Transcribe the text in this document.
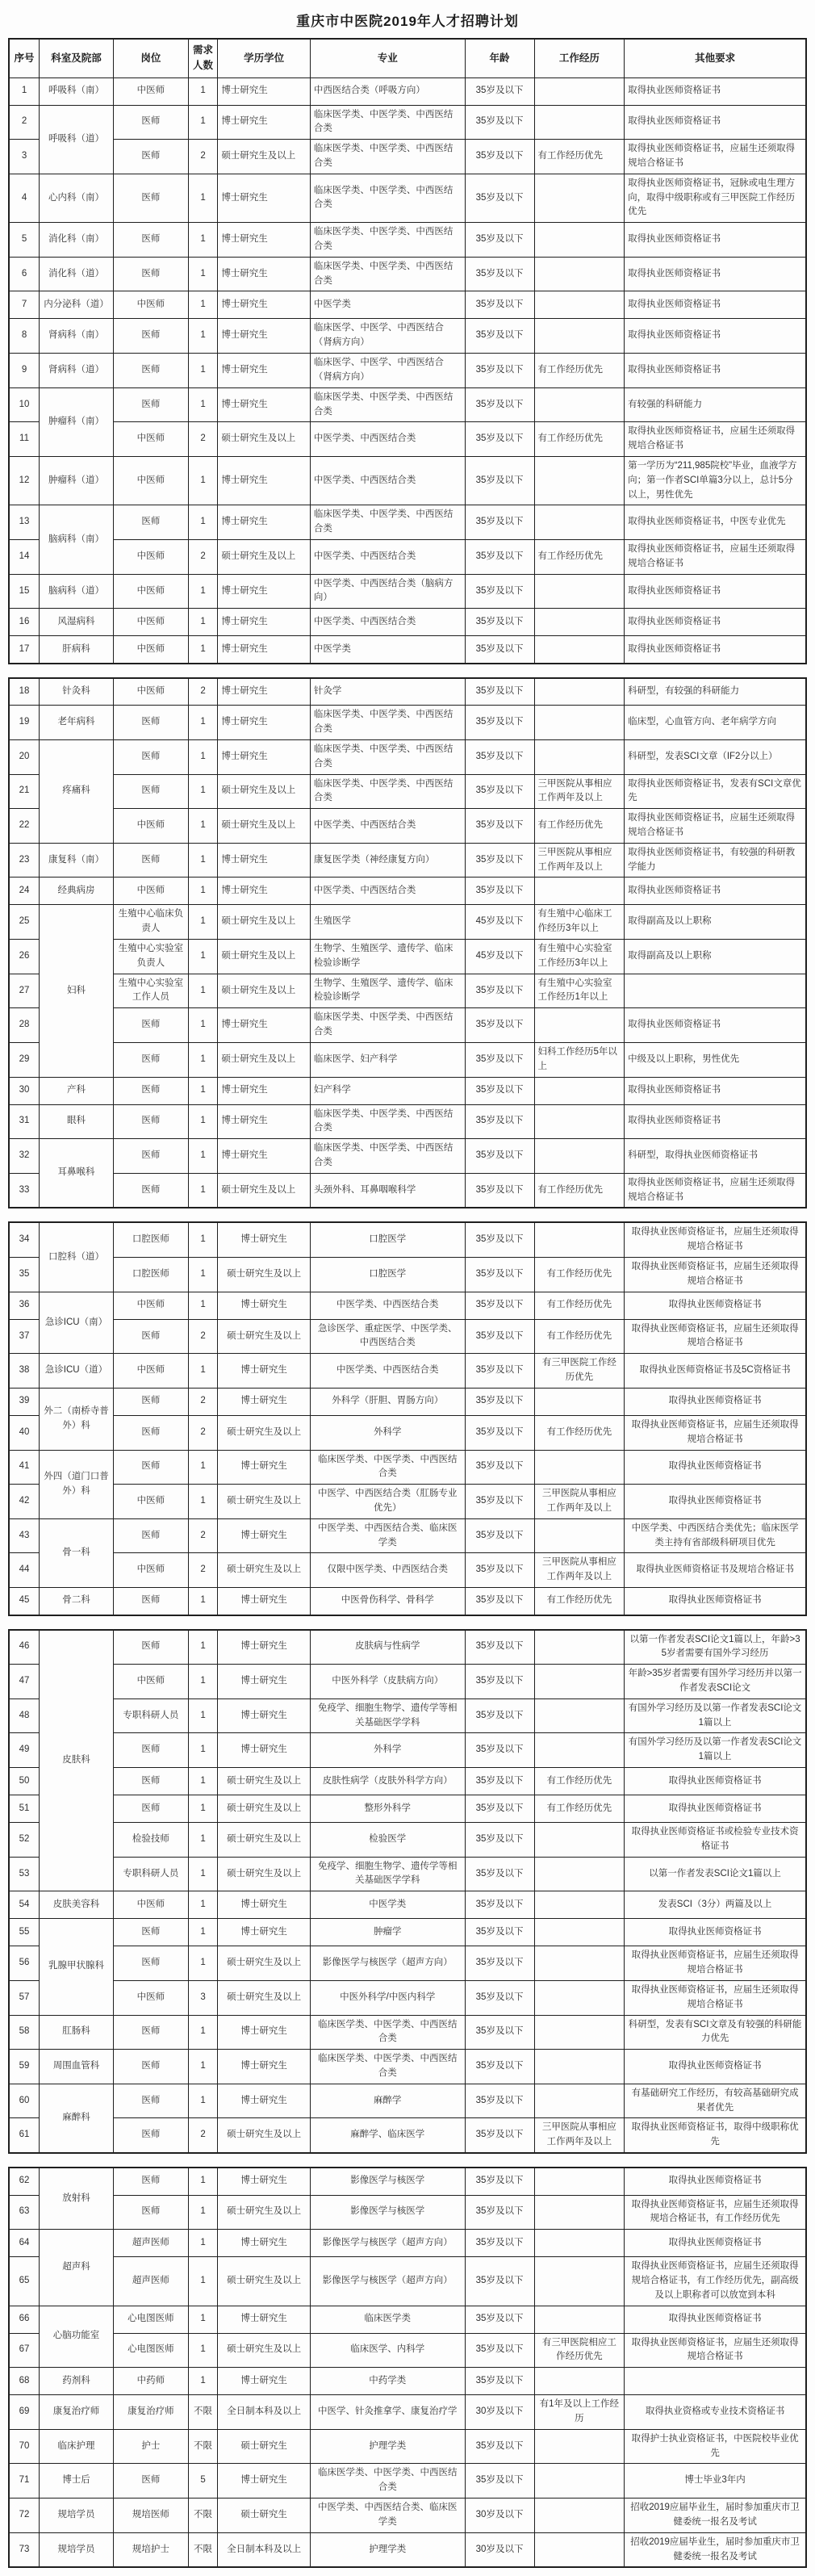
重庆市中医院2019年人才招聘计划
序号	科室及院部	岗位	需求人数	学历学位	专业	年龄	工作经历	其他要求
1	呼吸科（南）	中医师	1	博士研究生	中西医结合类（呼吸方向）	35岁及以下		取得执业医师资格证书
2	呼吸科（道）	医师	1	博士研究生	临床医学类、中医学类、中西医结合类	35岁及以下		取得执业医师资格证书
3		医师	2	硕士研究生及以上	临床医学类、中医学类、中西医结合类	35岁及以下	有工作经历优先	取得执业医师资格证书，应届生还须取得规培合格证书
4	心内科（南）	医师	1	博士研究生	临床医学类、中医学类、中西医结合类	35岁及以下		取得执业医师资格证书，冠脉或电生理方向，取得中级职称或有三甲医院工作经历优先
5	消化科（南）	医师	1	博士研究生	临床医学类、中医学类、中西医结合类	35岁及以下		取得执业医师资格证书
6	消化科（道）	医师	1	博士研究生	临床医学类、中医学类、中西医结合类	35岁及以下		取得执业医师资格证书
7	内分泌科（道）	中医师	1	博士研究生	中医学类	35岁及以下		取得执业医师资格证书
8	肾病科（南）	医师	1	博士研究生	临床医学、中医学、中西医结合（肾病方向）	35岁及以下		取得执业医师资格证书
9	肾病科（道）	医师	1	博士研究生	临床医学、中医学、中西医结合（肾病方向）	35岁及以下	有工作经历优先	取得执业医师资格证书
10	肿瘤科（南）	医师	1	博士研究生	临床医学类、中医学类、中西医结合类	35岁及以下		有较强的科研能力
11		中医师	2	硕士研究生及以上	中医学类、中西医结合类	35岁及以下	有工作经历优先	取得执业医师资格证书，应届生还须取得规培合格证书
12	肿瘤科（道）	中医师	1	博士研究生	中医学类、中西医结合类	35岁及以下		第一学历为“211,985院校”毕业，血液学方向；第一作者SCI单篇3分以上，总计5分以上，男性优先
13	脑病科（南）	医师	1	博士研究生	临床医学类、中医学类、中西医结合类	35岁及以下		取得执业医师资格证书，中医专业优先
14		中医师	2	硕士研究生及以上	中医学类、中西医结合类	35岁及以下	有工作经历优先	取得执业医师资格证书，应届生还须取得规培合格证书
15	脑病科（道）	中医师	1	博士研究生	中医学类、中西医结合类（脑病方向）	35岁及以下		取得执业医师资格证书
16	风湿病科	中医师	1	博士研究生	中医学类、中西医结合类	35岁及以下		取得执业医师资格证书
17	肝病科	中医师	1	博士研究生	中医学类	35岁及以下		取得执业医师资格证书
18	针灸科	中医师	2	博士研究生	针灸学	35岁及以下		科研型，有较强的科研能力
19	老年病科	医师	1	博士研究生	临床医学类、中医学类、中西医结合类	35岁及以下		临床型，心血管方向、老年病学方向
20	疼痛科	医师	1	博士研究生	临床医学类、中医学类、中西医结合类	35岁及以下		科研型，发表SCI文章（IF2分以上）
21		医师	1	硕士研究生及以上	临床医学类、中医学类、中西医结合类	35岁及以下	三甲医院从事相应工作两年及以上	取得执业医师资格证书，发表有SCI文章优先
22		中医师	1	硕士研究生及以上	中医学类、中西医结合类	35岁及以下	有工作经历优先	取得执业医师资格证书，应届生还须取得规培合格证书
23	康复科（南）	医师	1	博士研究生	康复医学类（神经康复方向）	35岁及以下	三甲医院从事相应工作两年及以上	取得执业医师资格证书，有较强的科研教学能力
24	经典病房	中医师	1	博士研究生	中医学类、中西医结合类	35岁及以下		取得执业医师资格证书
25	妇科	生殖中心临床负责人	1	硕士研究生及以上	生殖医学	45岁及以下	有生殖中心临床工作经历3年以上	取得副高及以上职称
26		生殖中心实验室负责人	1	硕士研究生及以上	生物学、生殖医学、遗传学、临床检验诊断学	45岁及以下	有生殖中心实验室工作经历3年以上	取得副高及以上职称
27		生殖中心实验室工作人员	1	硕士研究生及以上	生物学、生殖医学、遗传学、临床检验诊断学	35岁及以下	有生殖中心实验室工作经历1年以上	
28		医师	1	博士研究生	临床医学类、中医学类、中西医结合类	35岁及以下		取得执业医师资格证书
29		医师	1	硕士研究生及以上	临床医学、妇产科学	35岁及以下	妇科工作经历5年以上	中级及以上职称，男性优先
30	产科	医师	1	博士研究生	妇产科学	35岁及以下		取得执业医师资格证书
31	眼科	医师	1	博士研究生	临床医学类、中医学类、中西医结合类	35岁及以下		取得执业医师资格证书
32	耳鼻喉科	医师	1	博士研究生	临床医学类、中医学类、中西医结合类	35岁及以下		科研型，取得执业医师资格证书
33		医师	1	硕士研究生及以上	头颈外科、耳鼻咽喉科学	35岁及以下	有工作经历优先	取得执业医师资格证书，应届生还须取得规培合格证书
34	口腔科（道）	口腔医师	1	博士研究生	口腔医学	35岁及以下		取得执业医师资格证书，应届生还须取得规培合格证书
35		口腔医师	1	硕士研究生及以上	口腔医学	35岁及以下	有工作经历优先	取得执业医师资格证书，应届生还须取得规培合格证书
36	急诊ICU（南）	中医师	1	博士研究生	中医学类、中西医结合类	35岁及以下	有工作经历优先	取得执业医师资格证书
37		医师	2	硕士研究生及以上	急诊医学、重症医学、中医学类、中西医结合类	35岁及以下	有工作经历优先	取得执业医师资格证书，应届生还须取得规培合格证书
38	急诊ICU（道）	中医师	1	博士研究生	中医学类、中西医结合类	35岁及以下	有三甲医院工作经历优先	取得执业医师资格证书及5C资格证书
39	外二（南桥寺普外）科	医师	2	博士研究生	外科学（肝胆、胃肠方向）	35岁及以下		取得执业医师资格证书
40		医师	2	硕士研究生及以上	外科学	35岁及以下	有工作经历优先	取得执业医师资格证书，应届生还须取得规培合格证书
41	外四（道门口普外）科	医师	1	博士研究生	临床医学类、中医学类、中西医结合类	35岁及以下		取得执业医师资格证书
42		中医师	1	硕士研究生及以上	中医学、中西医结合类（肛肠专业优先）	35岁及以下	三甲医院从事相应工作两年及以上	取得执业医师资格证书
43	骨一科	医师	2	博士研究生	中医学类、中西医结合类、临床医学类	35岁及以下		中医学类、中西医结合类优先；临床医学类主持有省部级科研项目优先
44		中医师	2	硕士研究生及以上	仅限中医学类、中西医结合类	35岁及以下	三甲医院从事相应工作两年及以上	取得执业医师资格证书及规培合格证书
45	骨二科	医师	1	博士研究生	中医骨伤科学、骨科学	35岁及以下	有工作经历优先	取得执业医师资格证书
46	皮肤科	医师	1	博士研究生	皮肤病与性病学	35岁及以下		以第一作者发表SCI论文1篇以上，年龄>35岁者需要有国外学习经历
47		中医师	1	博士研究生	中医外科学（皮肤病方向）	35岁及以下		年龄>35岁者需要有国外学习经历并以第一作者发表SCI论文
48		专职科研人员	1	博士研究生	免疫学、细胞生物学、遗传学等相关基础医学学科	35岁及以下		有国外学习经历及以第一作者发表SCI论文1篇以上
49		医师	1	博士研究生	外科学	35岁及以下		有国外学习经历及以第一作者发表SCI论文1篇以上
50		医师	1	硕士研究生及以上	皮肤性病学（皮肤外科学方向）	35岁及以下	有工作经历优先	取得执业医师资格证书
51		医师	1	硕士研究生及以上	整形外科学	35岁及以下	有工作经历优先	取得执业医师资格证书
52		检验技师	1	硕士研究生及以上	检验医学	35岁及以下		取得执业医师资格证书或检验专业技术资格证书
53		专职科研人员	1	硕士研究生及以上	免疫学、细胞生物学、遗传学等相关基础医学学科	35岁及以下		以第一作者发表SCI论文1篇以上
54	皮肤美容科	中医师	1	博士研究生	中医学类	35岁及以下		发表SCI（3分）两篇及以上
55	乳腺甲状腺科	医师	1	博士研究生	肿瘤学	35岁及以下		取得执业医师资格证书
56		医师	1	硕士研究生及以上	影像医学与核医学（超声方向）	35岁及以下		取得执业医师资格证书，应届生还须取得规培合格证书
57		中医师	3	硕士研究生及以上	中医外科学/中医内科学	35岁及以下		取得执业医师资格证书，应届生还须取得规培合格证书
58	肛肠科	医师	1	博士研究生	临床医学类、中医学类、中西医结合类	35岁及以下		科研型，发表有SCI文章及有较强的科研能力优先
59	周围血管科	医师	1	博士研究生	临床医学类、中医学类、中西医结合类	35岁及以下		取得执业医师资格证书
60	麻醉科	医师	1	博士研究生	麻醉学	35岁及以下		有基础研究工作经历，有较高基础研究成果者优先
61		医师	2	硕士研究生及以上	麻醉学、临床医学	35岁及以下	三甲医院从事相应工作两年及以上	取得执业医师资格证书，取得中级职称优先
62	放射科	医师	1	博士研究生	影像医学与核医学	35岁及以下		取得执业医师资格证书
63		医师	1	硕士研究生及以上	影像医学与核医学	35岁及以下		取得执业医师资格证书，应届生还须取得规培合格证书，有工作经历优先
64	超声科	超声医师	1	博士研究生	影像医学与核医学（超声方向）	35岁及以下		取得执业医师资格证书
65		超声医师	1	硕士研究生及以上	影像医学与核医学（超声方向）	35岁及以下		取得执业医师资格证书，应届生还须取得规培合格证书，有工作经历优先，副高级及以上职称者可以放宽到本科
66	心脑功能室	心电图医师	1	博士研究生	临床医学类	35岁及以下		取得执业医师资格证书
67		心电图医师	1	硕士研究生及以上	临床医学、内科学	35岁及以下	有三甲医院相应工作经历优先	取得执业医师资格证书，应届生还须取得规培合格证书
68	药剂科	中药师	1	博士研究生	中药学类	35岁及以下		
69	康复治疗师	康复治疗师	不限	全日制本科及以上	中医学、针灸推拿学、康复治疗学	30岁及以下	有1年及以上工作经历	取得执业资格或专业技术资格证书
70	临床护理	护士	不限	硕士研究生	护理学类	35岁及以下		取得护士执业资格证书，中医院校毕业优先
71	博士后	医师	5	博士研究生	临床医学类、中医学类、中西医结合类	35岁及以下		博士毕业3年内
72	规培学员	规培医师	不限	硕士研究生	中医学类、中西医结合类、临床医学类	30岁及以下		招收2019应届毕业生，届时参加重庆市卫健委统一报名及考试
73	规培学员	规培护士	不限	全日制本科及以上	护理学类	30岁及以下		招收2019应届毕业生，届时参加重庆市卫健委统一报名及考试
